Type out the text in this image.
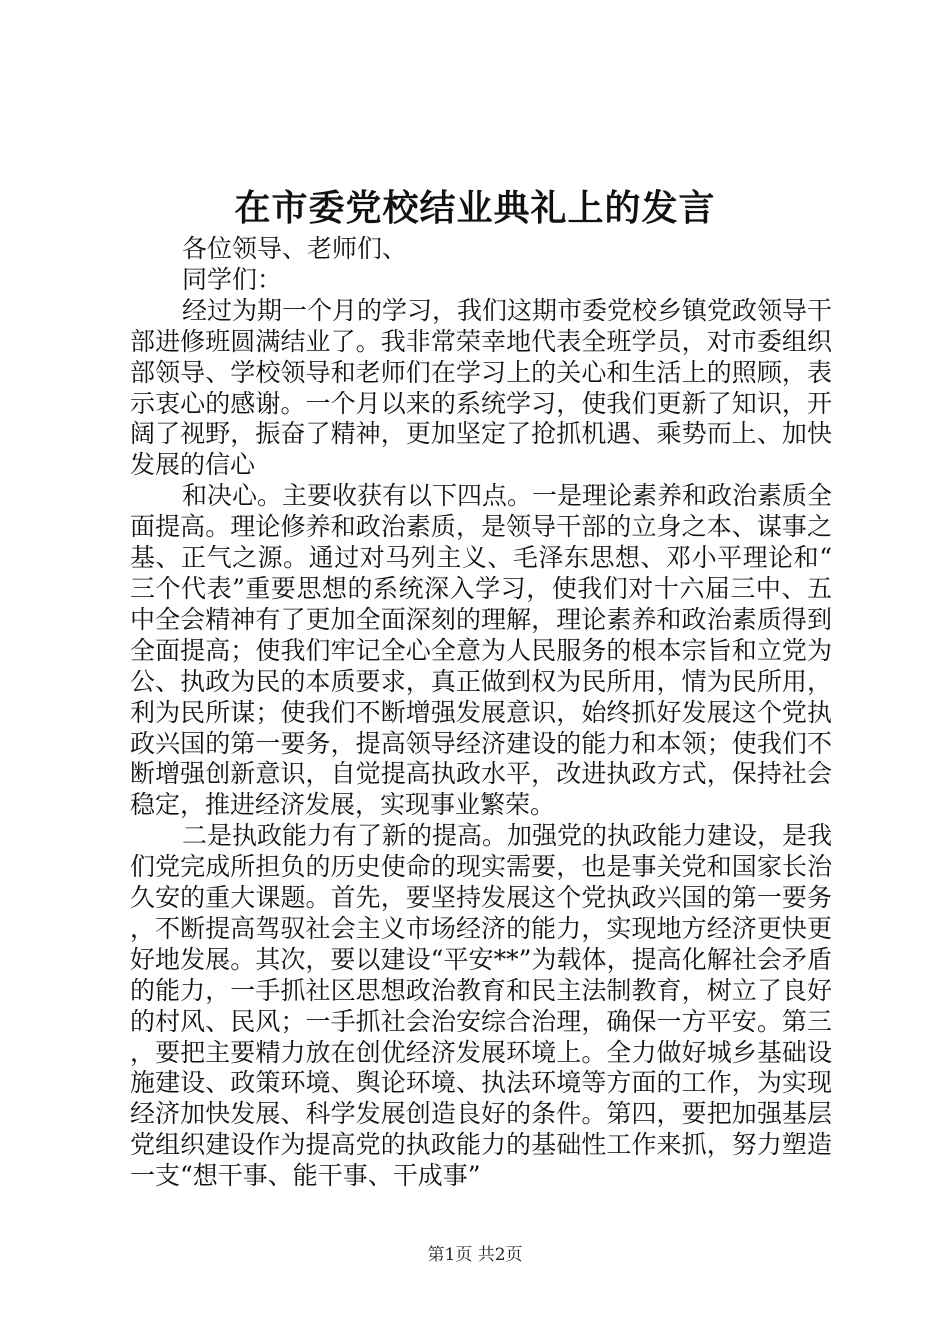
在市委党校结业典礼上的发言

各位领导、老师们、

同学们：

经过为期一个月的学习，我们这期市委党校乡镇党政领导干部进修班圆满结业了。我非常荣幸地代表全班学员，对市委组织部领导、学校领导和老师们在学习上的关心和生活上的照顾，表示衷心的感谢。一个月以来的系统学习，使我们更新了知识，开阔了视野，振奋了精神，更加坚定了抢抓机遇、乘势而上、加快发展的信心

和决心。主要收获有以下四点。一是理论素养和政治素质全面提高。理论修养和政治素质，是领导干部的立身之本、谋事之基、正气之源。通过对马列主义、毛泽东思想、邓小平理论和“三个代表”重要思想的系统深入学习，使我们对十六届三中、五中全会精神有了更加全面深刻的理解，理论素养和政治素质得到全面提高；使我们牢记全心全意为人民服务的根本宗旨和立党为公、执政为民的本质要求，真正做到权为民所用，情为民所用，利为民所谋；使我们不断增强发展意识，始终抓好发展这个党执政兴国的第一要务，提高领导经济建设的能力和本领；使我们不断增强创新意识，自觉提高执政水平，改进执政方式，保持社会稳定，推进经济发展，实现事业繁荣。

二是执政能力有了新的提高。加强党的执政能力建设，是我们党完成所担负的历史使命的现实需要，也是事关党和国家长治久安的重大课题。首先，要坚持发展这个党执政兴国的第一要务，不断提高驾驭社会主义市场经济的能力，实现地方经济更快更好地发展。其次，要以建设“平安**”为载体，提高化解社会矛盾的能力，一手抓社区思想政治教育和民主法制教育，树立了良好的村风、民风；一手抓社会治安综合治理，确保一方平安。第三，要把主要精力放在创优经济发展环境上。全力做好城乡基础设施建设、政策环境、舆论环境、执法环境等方面的工作，为实现经济加快发展、科学发展创造良好的条件。第四，要把加强基层党组织建设作为提高党的执政能力的基础性工作来抓，努力塑造一支“想干事、能干事、干成事”

第1页 共2页
